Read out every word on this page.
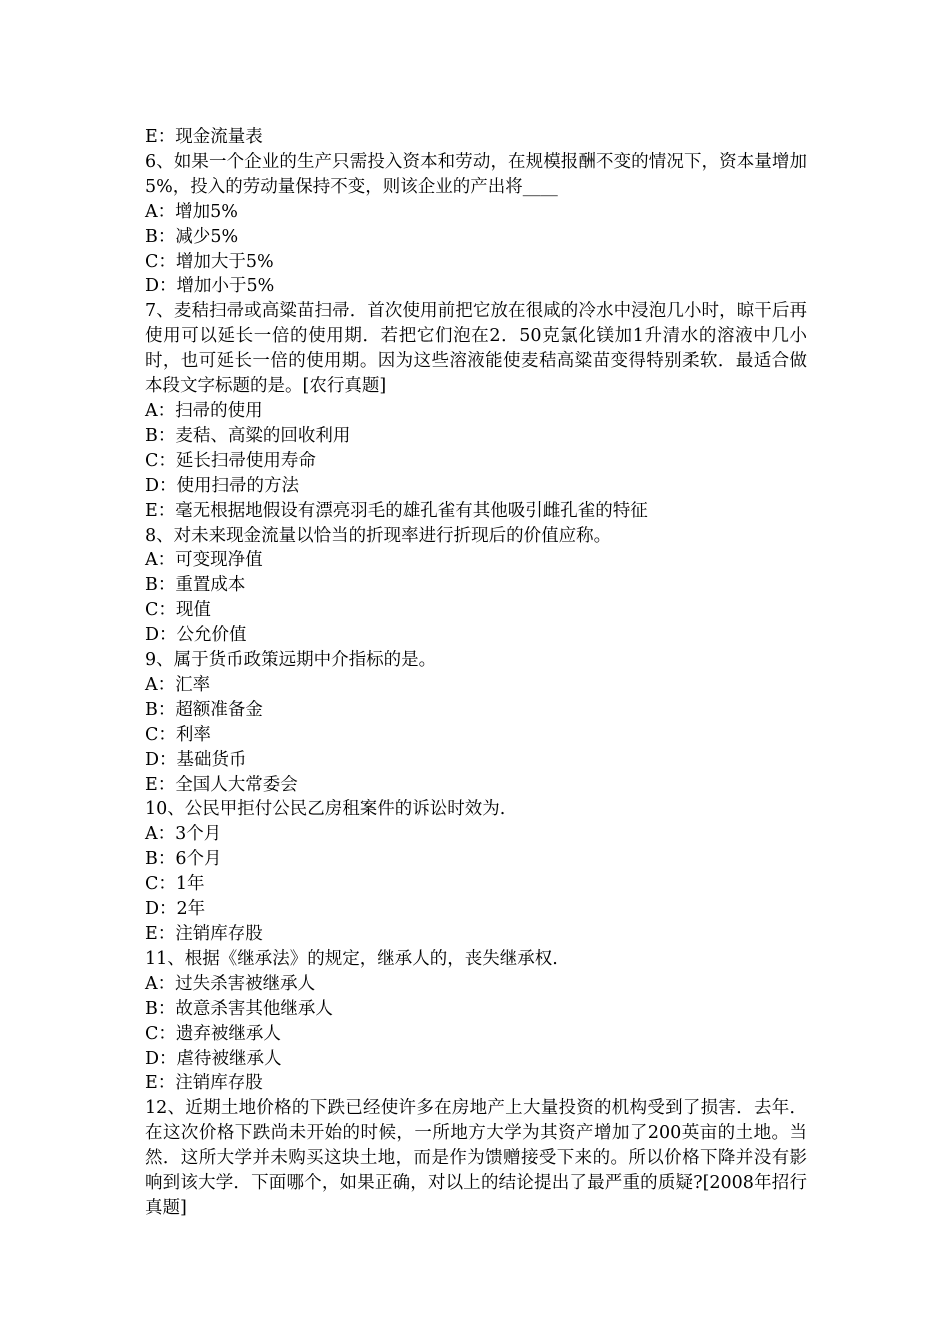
E：现金流量表

6、如果一个企业的生产只需投入资本和劳动，在规模报酬不变的情况下，资本量增加5%，投入的劳动量保持不变，则该企业的产出将____

A：增加5%

B：减少5%

C：增加大于5%

D：增加小于5%

7、麦秸扫帚或高粱苗扫帚．首次使用前把它放在很咸的冷水中浸泡几小时，晾干后再使用可以延长一倍的使用期．若把它们泡在2．50克氯化镁加1升清水的溶液中几小时，也可延长一倍的使用期。因为这些溶液能使麦秸高粱苗变得特别柔软．最适合做本段文字标题的是。[农行真题]

A：扫帚的使用

B：麦秸、高粱的回收利用

C：延长扫帚使用寿命

D：使用扫帚的方法

E：毫无根据地假设有漂亮羽毛的雄孔雀有其他吸引雌孔雀的特征

8、对未来现金流量以恰当的折现率进行折现后的价值应称。

A：可变现净值

B：重置成本

C：现值

D：公允价值

9、属于货币政策远期中介指标的是。

A：汇率

B：超额准备金

C：利率

D：基础货币

E：全国人大常委会

10、公民甲拒付公民乙房租案件的诉讼时效为.

A：3个月

B：6个月

C：1年

D：2年

E：注销库存股

11、根据《继承法》的规定，继承人的，丧失继承权.

A：过失杀害被继承人

B：故意杀害其他继承人

C：遗弃被继承人

D：虐待被继承人

E：注销库存股

12、近期土地价格的下跌已经使许多在房地产上大量投资的机构受到了损害．去年．在这次价格下跌尚未开始的时候，一所地方大学为其资产增加了200英亩的土地。当然．这所大学并未购买这块土地，而是作为馈赠接受下来的。所以价格下降并没有影响到该大学．下面哪个，如果正确，对以上的结论提出了最严重的质疑?[2008年招行真题]
